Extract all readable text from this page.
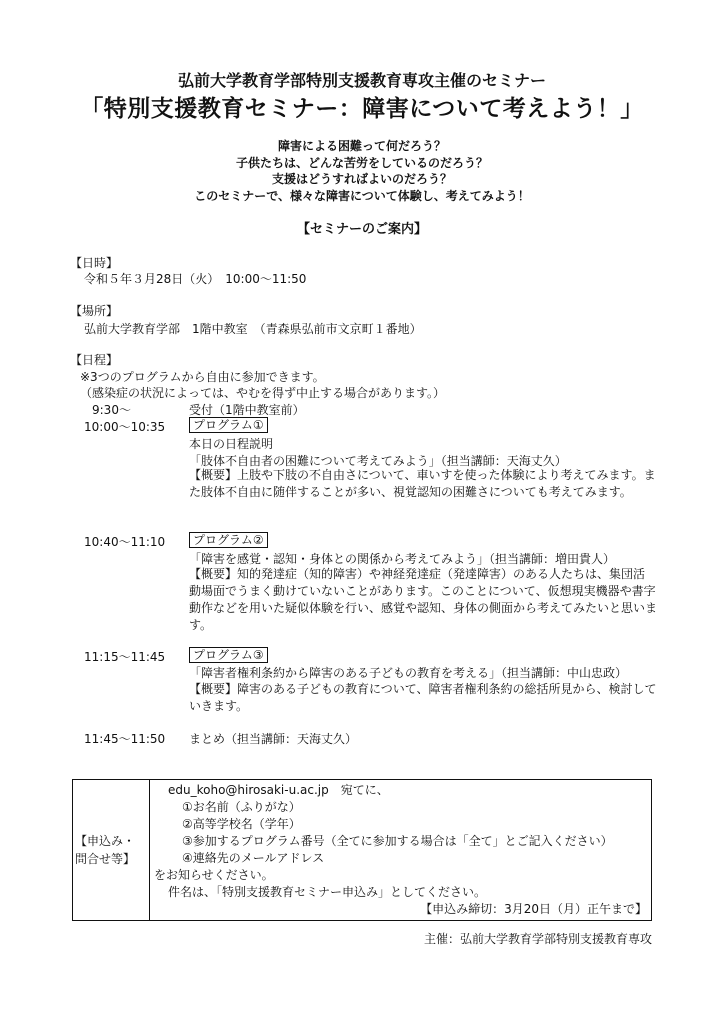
弘前大学教育学部特別支援教育専攻主催のセミナー
「特別支援教育セミナー：障害について考えよう！」
障害による困難って何だろう？
子供たちは、どんな苦労をしているのだろう？
支援はどうすればよいのだろう？
このセミナーで、様々な障害について体験し、考えてみよう！
【セミナーのご案内】
【日時】
令和５年３月28日（火）　10:00～11:50
【場所】
弘前大学教育学部　1階中教室　（青森県弘前市文京町１番地）
【日程】
※3つのプログラムから自由に参加できます。
（感染症の状況によっては、やむを得ず中止する場合があります。）
9:30～	受付（1階中教室前）
10:00～10:35	プログラム①
本日の日程説明
「肢体不自由者の困難について考えてみよう」（担当講師：天海丈久）
【概要】上肢や下肢の不自由さについて、車いすを使った体験により考えてみます。また肢体不自由に随伴することが多い、視覚認知の困難さについても考えてみます。
10:40～11:10	プログラム②
「障害を感覚・認知・身体との関係から考えてみよう」（担当講師：増田貴人）
【概要】知的発達症（知的障害）や神経発達症（発達障害）のある人たちは、集団活動場面でうまく動けていないことがあります。このことについて、仮想現実機器や書字動作などを用いた疑似体験を行い、感覚や認知、身体の側面から考えてみたいと思います。
11:15～11:45	プログラム③
「障害者権利条約から障害のある子どもの教育を考える」（担当講師：中山忠政）
【概要】障害のある子どもの教育について、障害者権利条約の総括所見から、検討していきます。
11:45～11:50 まとめ（担当講師：天海丈久）
【申込み・
問合せ等】

edu_koho@hirosaki-u.ac.jp　宛てに、
①お名前（ふりがな）
②高等学校名（学年）
③参加するプログラム番号（全てに参加する場合は「全て」とご記入ください）
④連絡先のメールアドレス
をお知らせください。
件名は、「特別支援教育セミナー申込み」としてください。
【申込み締切：3月20日（月）正午まで】
主催：弘前大学教育学部特別支援教育専攻
